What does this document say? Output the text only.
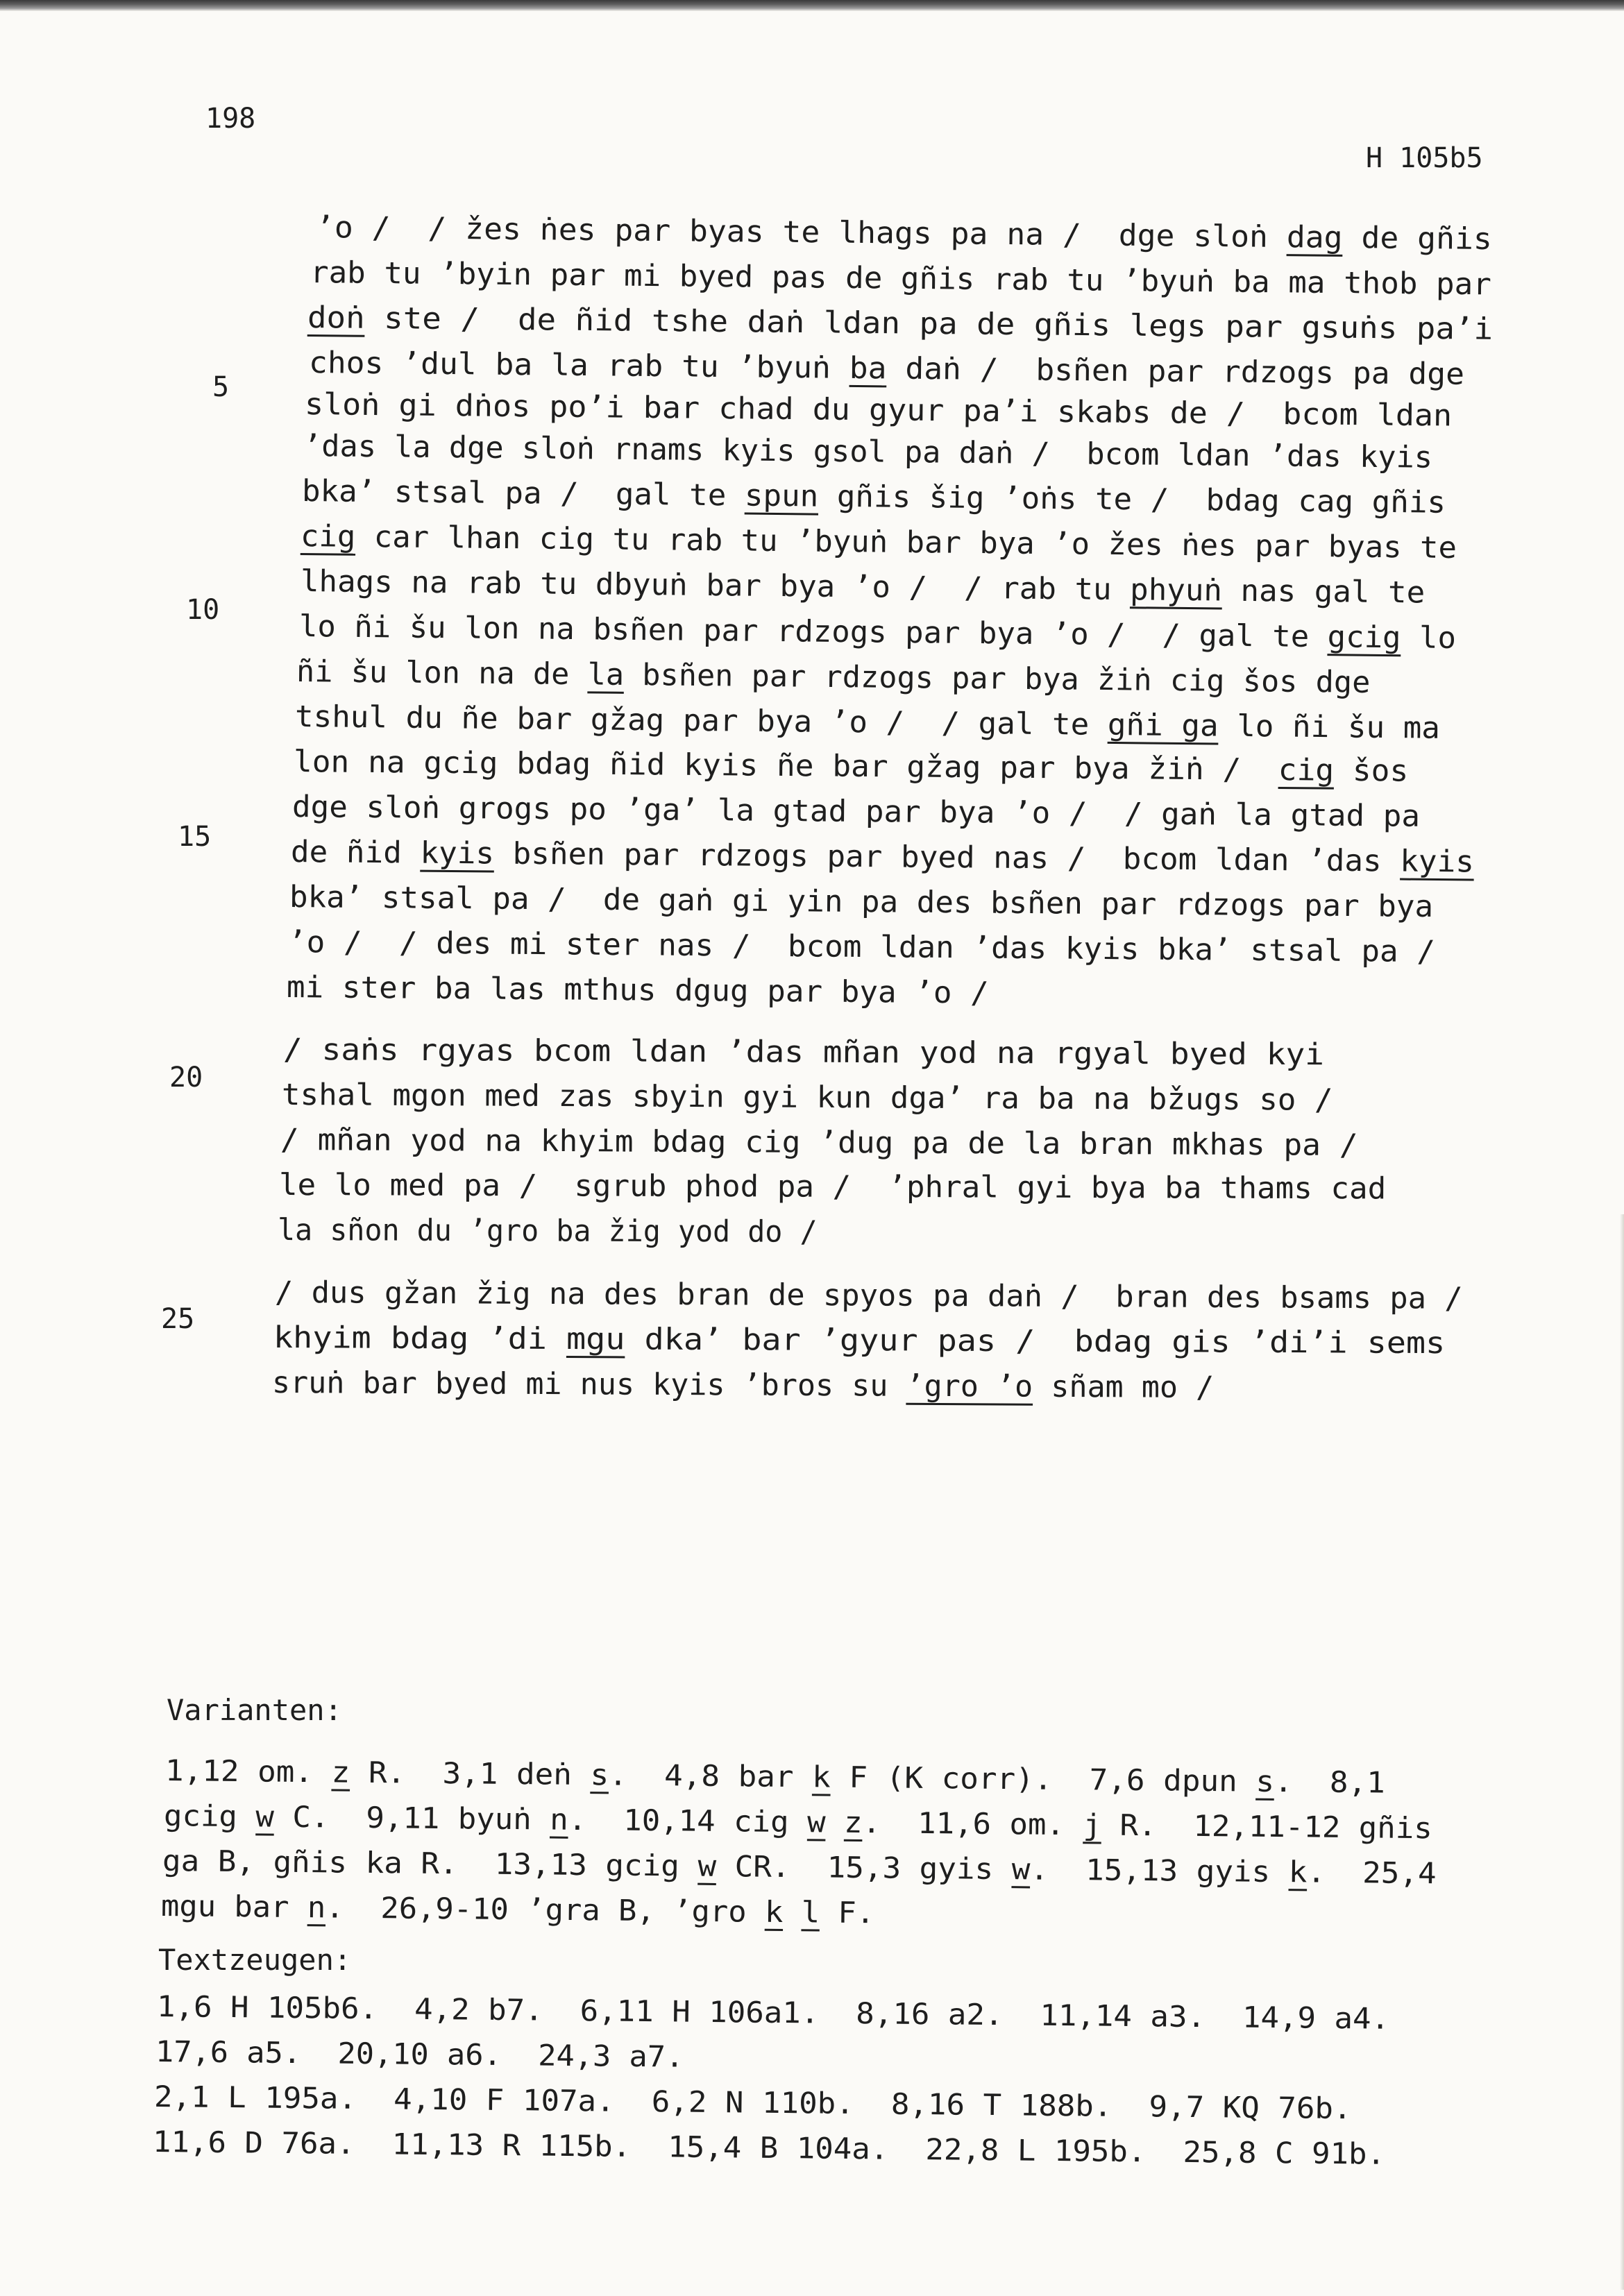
198
H 105b5
’o /  / žes ṅes par byas te lhags pa na /  dge sloṅ dag de gñis
rab tu ’byin par mi byed pas de gñis rab tu ’byuṅ ba ma thob par
doṅ ste /  de ñid tshe daṅ ldan pa de gñis legs par gsuṅs pa’i
chos ’dul ba la rab tu ’byuṅ ba daṅ /  bsñen par rdzogs pa dge
sloṅ gi dṅos po’i bar chad du gyur pa’i skabs de /  bcom ldan
’das la dge sloṅ rnams kyis gsol pa daṅ /  bcom ldan ’das kyis
bka’ stsal pa /  gal te spun gñis šig ’oṅs te /  bdag cag gñis
cig car lhan cig tu rab tu ’byuṅ bar bya ’o žes ṅes par byas te
lhags na rab tu dbyuṅ bar bya ’o /  / rab tu phyuṅ nas gal te
lo ñi šu lon na bsñen par rdzogs par bya ’o /  / gal te gcig lo
ñi šu lon na de la bsñen par rdzogs par bya žiṅ cig šos dge
tshul du ñe bar gžag par bya ’o /  / gal te gñi ga lo ñi šu ma
lon na gcig bdag ñid kyis ñe bar gžag par bya žiṅ /  cig šos
dge sloṅ grogs po ’ga’ la gtad par bya ’o /  / gaṅ la gtad pa
de ñid kyis bsñen par rdzogs par byed nas /  bcom ldan ’das kyis
bka’ stsal pa /  de gaṅ gi yin pa des bsñen par rdzogs par bya
’o /  / des mi ster nas /  bcom ldan ’das kyis bka’ stsal pa /
mi ster ba las mthus dgug par bya ’o /
/ saṅs rgyas bcom ldan ’das mñan yod na rgyal byed kyi
tshal mgon med zas sbyin gyi kun dga’ ra ba na bžugs so /
/ mñan yod na khyim bdag cig ’dug pa de la bran mkhas pa /
le lo med pa /  sgrub phod pa /  ’phral gyi bya ba thams cad
la sñon du ’gro ba žig yod do /
/ dus gžan žig na des bran de spyos pa daṅ /  bran des bsams pa /
khyim bdag ’di mgu dka’ bar ’gyur pas /  bdag gis ’di’i sems
sruṅ bar byed mi nus kyis ’bros su ’gro ’o sñam mo /
5
10
15
20
25
Varianten:
1,12 om. z R.  3,1 deṅ s.  4,8 bar k F (K corr).  7,6 dpun s.  8,1
gcig w C.  9,11 byuṅ n.  10,14 cig w z.  11,6 om. j R.  12,11-12 gñis
ga B, gñis ka R.  13,13 gcig w CR.  15,3 gyis w.  15,13 gyis k.  25,4
mgu bar n.  26,9-10 ’gra B, ’gro k l F.
Textzeugen:
1,6 H 105b6.  4,2 b7.  6,11 H 106a1.  8,16 a2.  11,14 a3.  14,9 a4.
17,6 a5.  20,10 a6.  24,3 a7.
2,1 L 195a.  4,10 F 107a.  6,2 N 110b.  8,16 T 188b.  9,7 KQ 76b.
11,6 D 76a.  11,13 R 115b.  15,4 B 104a.  22,8 L 195b.  25,8 C 91b.
